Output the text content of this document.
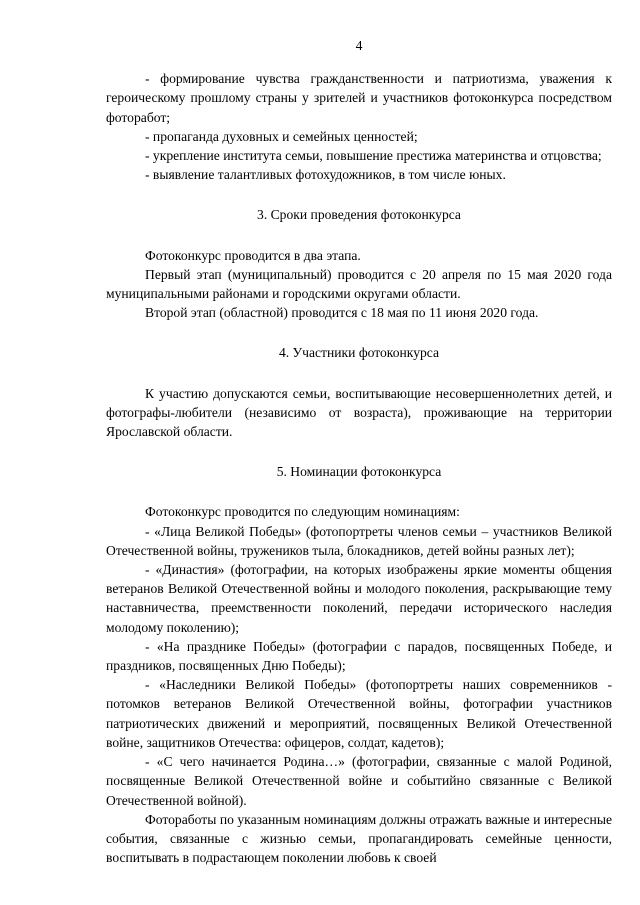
4

- формирование чувства гражданственности и патриотизма, уважения к героическому прошлому страны у зрителей и участников фотоконкурса посредством фоторабот;

- пропаганда духовных и семейных ценностей;

- укрепление института семьи, повышение престижа материнства и отцовства;

- выявление талантливых фотохудожников, в том числе юных.

3. Сроки проведения фотоконкурса

Фотоконкурс проводится в два этапа.

Первый этап (муниципальный) проводится с 20 апреля по 15 мая 2020 года муниципальными районами и городскими округами области.

Второй этап (областной) проводится с 18 мая по 11 июня 2020 года.

4. Участники фотоконкурса

К участию допускаются семьи, воспитывающие несовершеннолетних детей, и фотографы-любители (независимо от возраста), проживающие на территории Ярославской области.

5. Номинации фотоконкурса

Фотоконкурс проводится по следующим номинациям:

- «Лица Великой Победы» (фотопортреты членов семьи – участников Великой Отечественной войны, тружеников тыла, блокадников, детей войны разных лет);

- «Династия» (фотографии, на которых изображены яркие моменты общения ветеранов Великой Отечественной войны и молодого поколения, раскрывающие тему наставничества, преемственности поколений, передачи исторического наследия молодому поколению);

- «На празднике Победы» (фотографии с парадов, посвященных Победе, и праздников, посвященных Дню Победы);

- «Наследники Великой Победы» (фотопортреты наших современников - потомков ветеранов Великой Отечественной войны, фотографии участников патриотических движений и мероприятий, посвященных Великой Отечественной войне, защитников Отечества: офицеров, солдат, кадетов);

- «С чего начинается Родина…» (фотографии, связанные с малой Родиной, посвященные Великой Отечественной войне и событийно связанные с Великой Отечественной войной).

Фоторaботы по указанным номинациям должны отражать важные и интересные события, связанные с жизнью семьи, пропагандировать семейные ценности, воспитывать в подрастающем поколении любовь к своей
